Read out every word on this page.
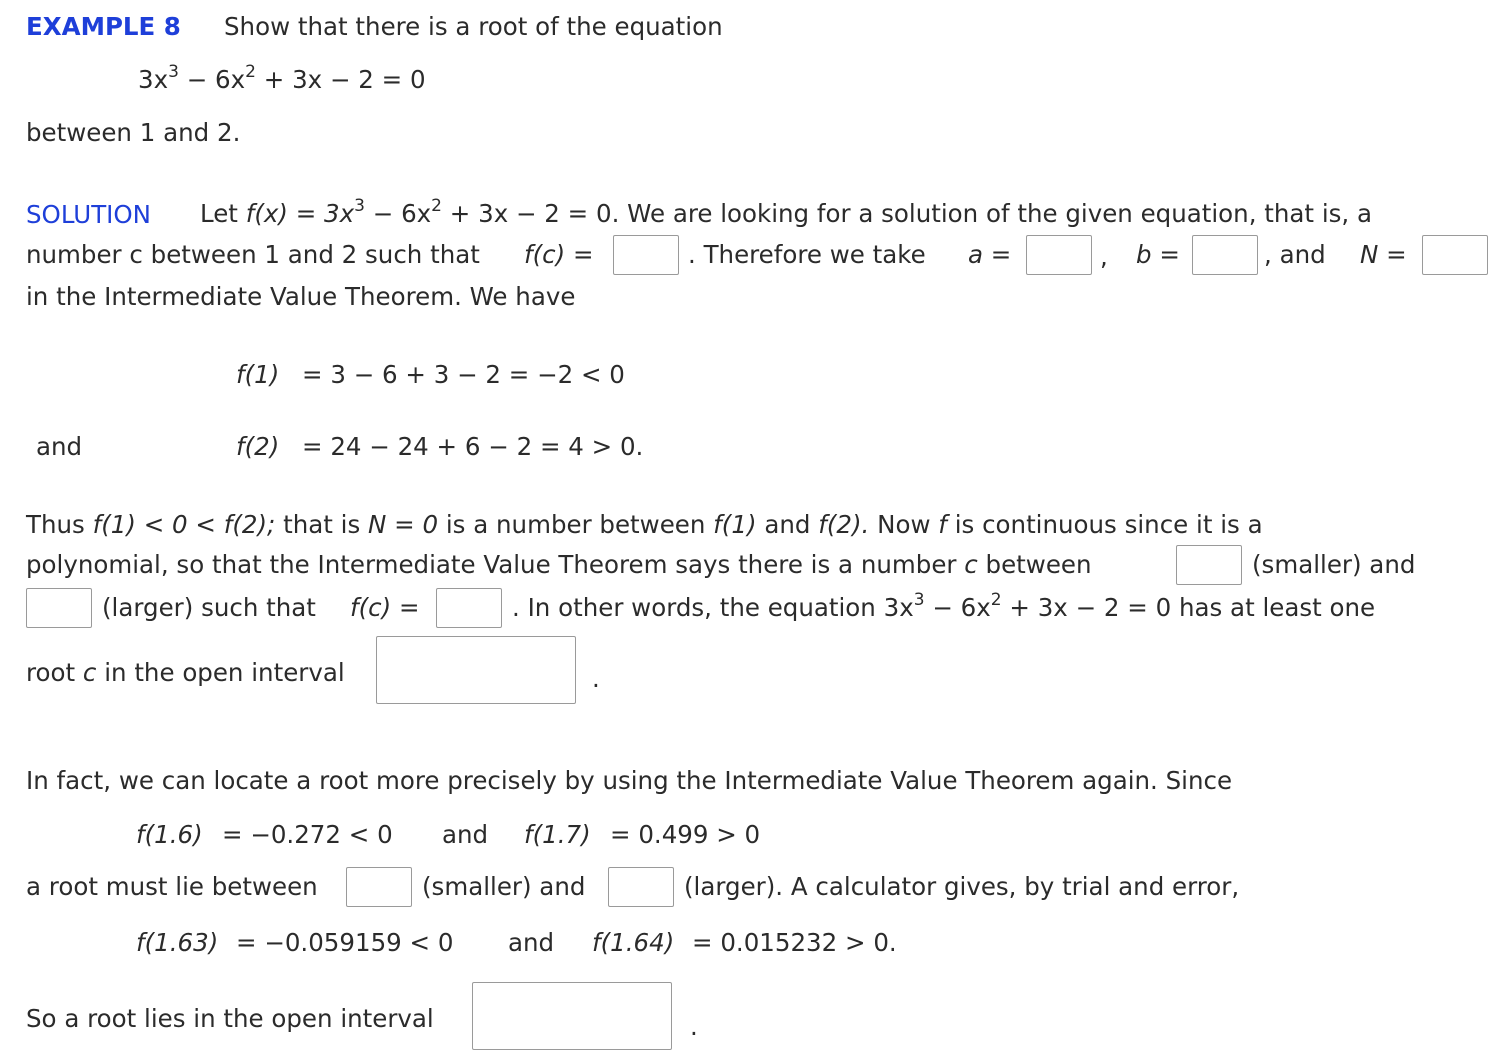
EXAMPLE 8 Show that there is a root of the equation
$3x^3 - 6x^2 + 3x - 2 = 0$
between 1 and 2.
SOLUTION Let $f(x) = 3x^3 - 6x^2 + 3x - 2 = 0$. We are looking for a solution of the given equation, that is, a
number c between 1 and 2 such that f(c) =	. Therefore we take a =	, b =	, and N =
in the Intermediate Value Theorem. We have
f(1) = 3 − 6 + 3 − 2 = −2 < 0
and	f(2) = 24 − 24 + 6 − 2 = 4 > 0.
Thus f(1) < 0 < f(2); that is N = 0 is a number between f(1) and f(2). Now f is continuous since it is a
polynomial, so that the Intermediate Value Theorem says there is a number c between	(smaller) and
(larger) such that f(c) =	. In other words, the equation $3x^3 - 6x^2 + 3x - 2 = 0$ has at least one
root c in the open interval	.
In fact, we can locate a root more precisely by using the Intermediate Value Theorem again. Since
f(1.6) = −0.272 < 0 and f(1.7) = 0.499 > 0
a root must lie between	(smaller) and	(larger). A calculator gives, by trial and error,
f(1.63) = −0.059159 < 0 and f(1.64) = 0.015232 > 0.
So a root lies in the open interval	.
